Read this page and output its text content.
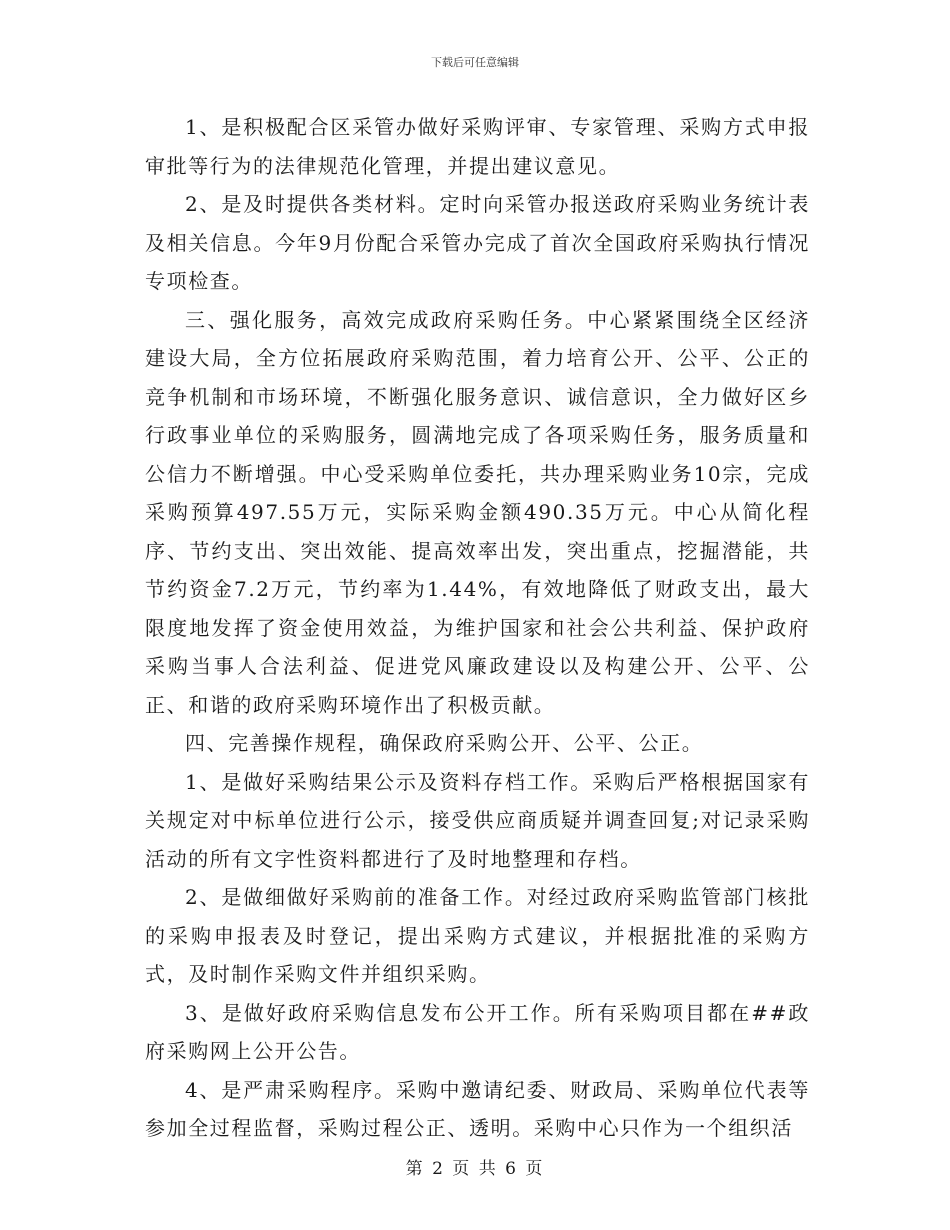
下载后可任意编辑

1、是积极配合区采管办做好采购评审、专家管理、采购方式申报审批等行为的法律规范化管理，并提出建议意见。

2、是及时提供各类材料。定时向采管办报送政府采购业务统计表及相关信息。今年9月份配合采管办完成了首次全国政府采购执行情况专项检查。

三、强化服务，高效完成政府采购任务。中心紧紧围绕全区经济建设大局，全方位拓展政府采购范围，着力培育公开、公平、公正的竞争机制和市场环境，不断强化服务意识、诚信意识，全力做好区乡行政事业单位的采购服务，圆满地完成了各项采购任务，服务质量和公信力不断增强。中心受采购单位委托，共办理采购业务10宗，完成采购预算497.55万元，实际采购金额490.35万元。中心从简化程序、节约支出、突出效能、提高效率出发，突出重点，挖掘潜能，共节约资金7.2万元，节约率为1.44%，有效地降低了财政支出，最大限度地发挥了资金使用效益，为维护国家和社会公共利益、保护政府采购当事人合法利益、促进党风廉政建设以及构建公开、公平、公正、和谐的政府采购环境作出了积极贡献。

四、完善操作规程，确保政府采购公开、公平、公正。

1、是做好采购结果公示及资料存档工作。采购后严格根据国家有关规定对中标单位进行公示，接受供应商质疑并调查回复;对记录采购活动的所有文字性资料都进行了及时地整理和存档。

2、是做细做好采购前的准备工作。对经过政府采购监管部门核批的采购申报表及时登记，提出采购方式建议，并根据批准的采购方式，及时制作采购文件并组织采购。

3、是做好政府采购信息发布公开工作。所有采购项目都在##政府采购网上公开公告。

4、是严肃采购程序。采购中邀请纪委、财政局、采购单位代表等参加全过程监督，采购过程公正、透明。采购中心只作为一个组织活

第 2 页 共 6 页
